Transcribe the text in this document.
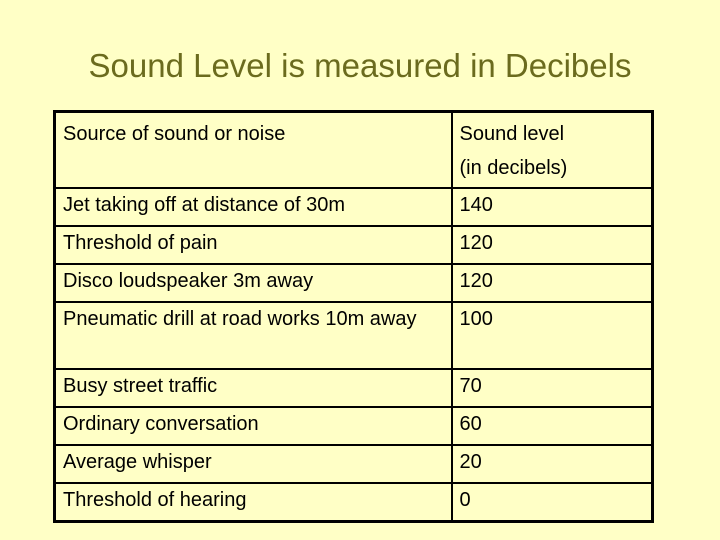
Sound Level is measured in Decibels
Source of sound or noise	Sound level
(in decibels)
Jet taking off at distance of 30m	140
Threshold of pain	120
Disco loudspeaker 3m away	120
Pneumatic drill at road works 10m away	100
Busy street traffic	70
Ordinary conversation	60
Average whisper	20
Threshold of hearing	0
